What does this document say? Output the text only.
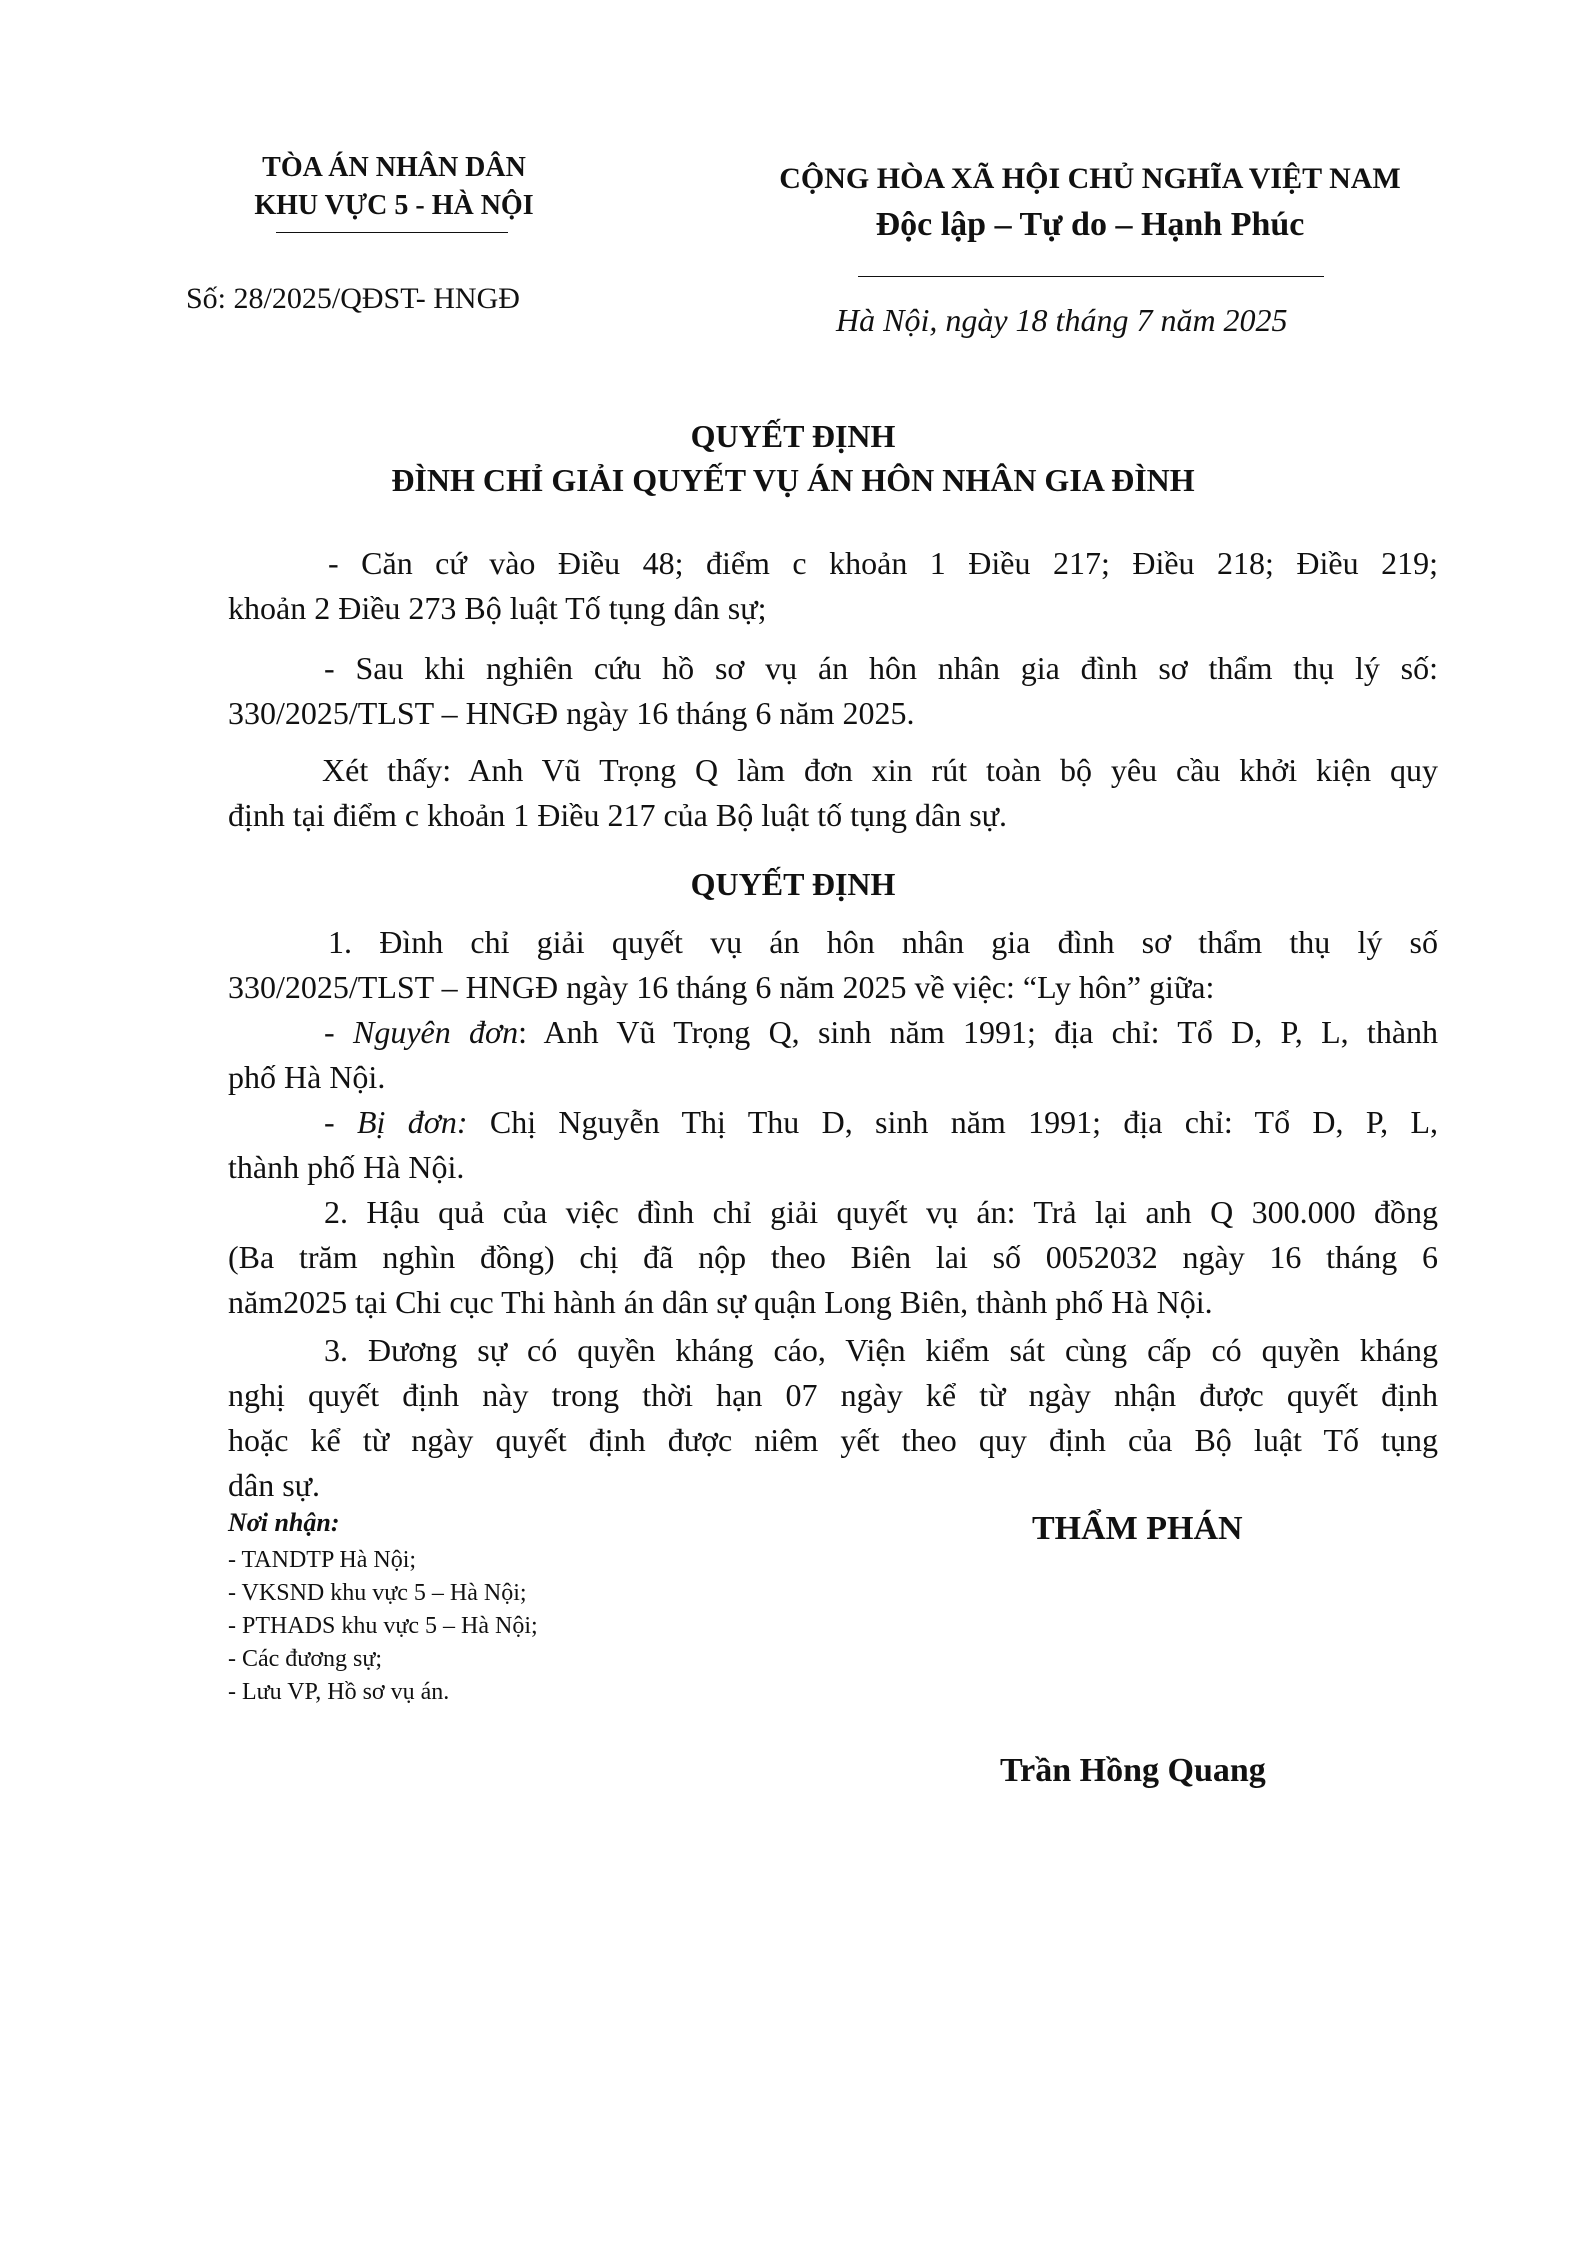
TÒA ÁN NHÂN DÂN
KHU VỰC 5 - HÀ NỘI
Số: 28/2025/QĐST- HNGĐ
CỘNG HÒA XÃ HỘI CHỦ NGHĨA VIỆT NAM
Độc lập – Tự do – Hạnh Phúc
Hà Nội, ngày 18 tháng 7 năm 2025
QUYẾT ĐỊNH
ĐÌNH CHỈ GIẢI QUYẾT VỤ ÁN HÔN NHÂN GIA ĐÌNH
- Căn cứ vào Điều 48; điểm c khoản 1 Điều 217; Điều 218; Điều 219;
khoản 2 Điều 273 Bộ luật Tố tụng dân sự;
- Sau khi nghiên cứu hồ sơ vụ án hôn nhân gia đình sơ thẩm thụ lý số:
330/2025/TLST – HNGĐ ngày 16 tháng 6 năm 2025.
Xét thấy: Anh Vũ Trọng Q làm đơn xin rút toàn bộ yêu cầu khởi kiện quy
định tại điểm c khoản 1 Điều 217 của Bộ luật tố tụng dân sự.
QUYẾT ĐỊNH
1. Đình chỉ giải quyết vụ án hôn nhân gia đình sơ thẩm thụ lý số
330/2025/TLST – HNGĐ ngày 16 tháng 6 năm 2025 về việc: “Ly hôn” giữa:
- Nguyên đơn: Anh Vũ Trọng Q, sinh năm 1991; địa chỉ: Tổ D, P, L, thành
phố Hà Nội.
- Bị đơn: Chị Nguyễn Thị Thu D, sinh năm 1991; địa chỉ: Tổ D, P, L,
thành phố Hà Nội.
2. Hậu quả của việc đình chỉ giải quyết vụ án: Trả lại anh Q 300.000 đồng
(Ba trăm nghìn đồng) chị đã nộp theo Biên lai số 0052032 ngày 16 tháng 6
năm2025 tại Chi cục Thi hành án dân sự quận Long Biên, thành phố Hà Nội.
3. Đương sự có quyền kháng cáo, Viện kiểm sát cùng cấp có quyền kháng
nghị quyết định này trong thời hạn 07 ngày kể từ ngày nhận được quyết định
hoặc kể từ ngày quyết định được niêm yết theo quy định của Bộ luật Tố tụng
dân sự.
Nơi nhận:
- TANDTP Hà Nội;
- VKSND khu vực 5 – Hà Nội;
- PTHADS khu vực 5 – Hà Nội;
- Các đương sự;
- Lưu VP, Hồ sơ vụ án.
THẨM PHÁN
Trần Hồng Quang
